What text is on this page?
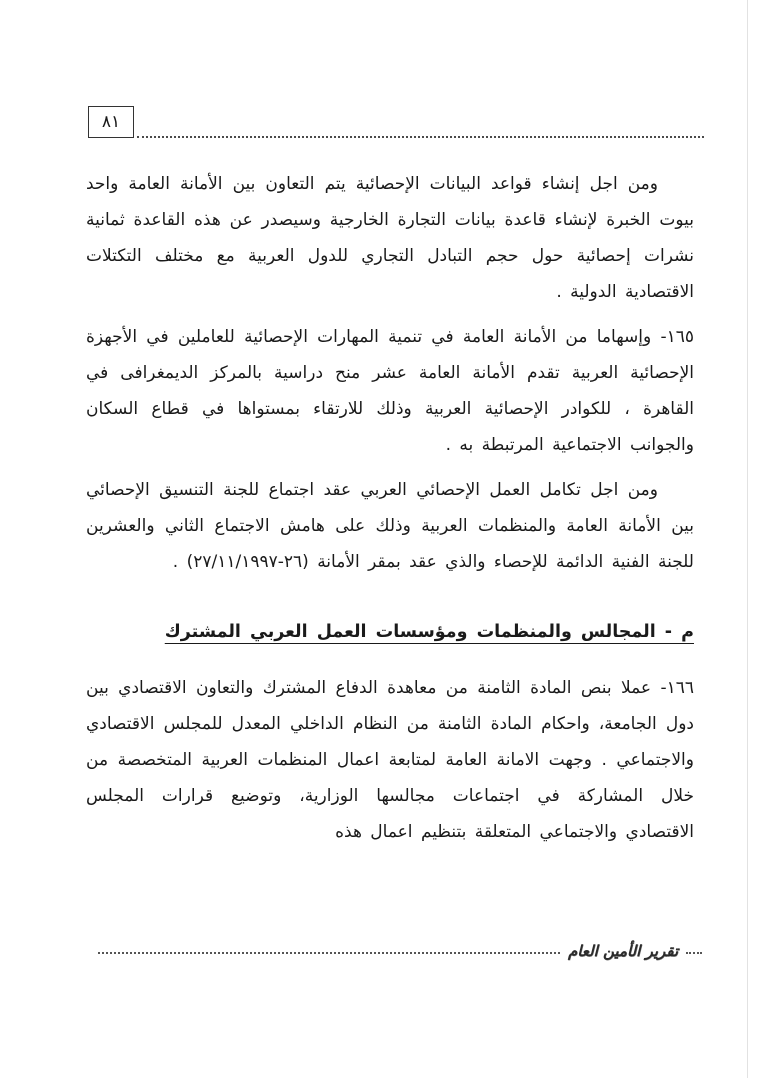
٨١

ومن اجل إنشاء قواعد البيانات الإحصائية يتم التعاون بين الأمانة العامة واحد بيوت الخبرة لإنشاء قاعدة بيانات التجارة الخارجية وسيصدر عن هذه القاعدة ثمانية نشرات إحصائية حول حجم التبادل التجاري للدول العربية مع مختلف التكتلات الاقتصادية الدولية .

١٦٥- وإسهاما من الأمانة العامة في تنمية المهارات الإحصائية للعاملين في الأجهزة الإحصائية العربية تقدم الأمانة العامة عشر منح دراسية بالمركز الديمغرافى في القاهرة ، للكوادر الإحصائية العربية وذلك للارتقاء بمستواها في قطاع السكان والجوانب الاجتماعية المرتبطة به .

ومن اجل تكامل العمل الإحصائي العربي عقد اجتماع للجنة التنسيق الإحصائي بين الأمانة العامة والمنظمات العربية وذلك على هامش الاجتماع الثاني والعشرين للجنة الفنية الدائمة للإحصاء والذي عقد بمقر الأمانة (٢٦-٢٧/١١/١٩٩٧) .

م - المجالس والمنظمات ومؤسسات العمل العربي المشترك

١٦٦- عملا بنص المادة الثامنة من معاهدة الدفاع المشترك والتعاون الاقتصادي بين دول الجامعة، واحكام المادة الثامنة من النظام الداخلي المعدل للمجلس الاقتصادي والاجتماعي . وجهت الامانة العامة لمتابعة اعمال المنظمات العربية المتخصصة من خلال المشاركة في اجتماعات مجالسها الوزارية، وتوضيع قرارات المجلس الاقتصادي والاجتماعي المتعلقة بتنظيم اعمال هذه

تقرير الأمين العام
